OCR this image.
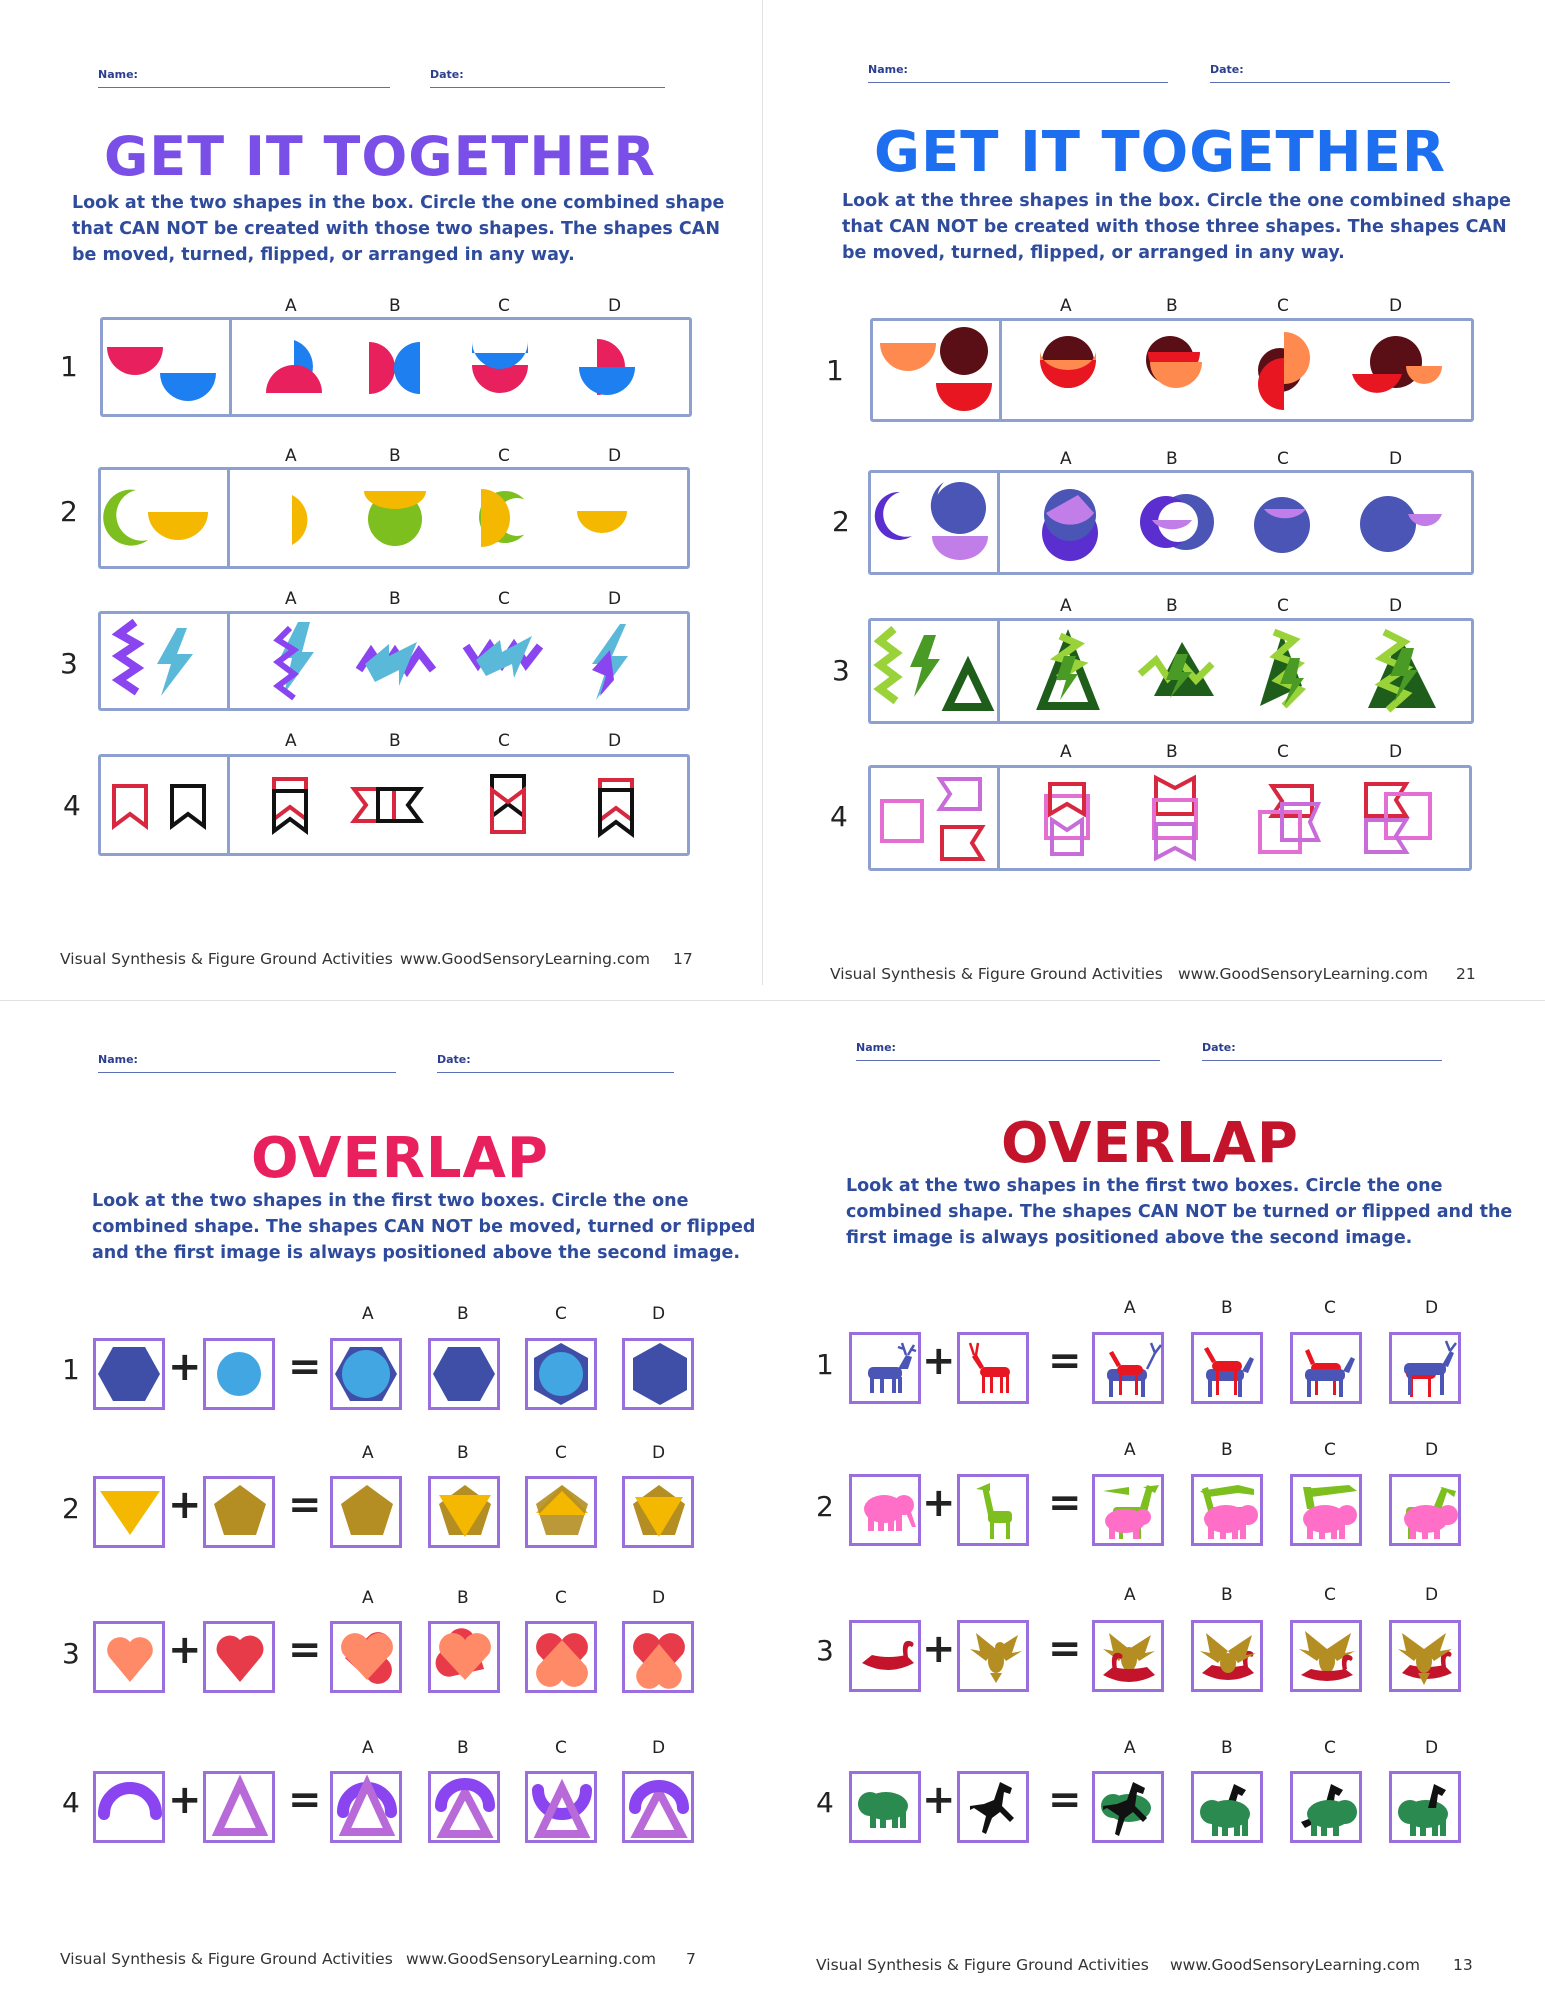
Name:	Date:
GET IT TOGETHER
Look at the two shapes in the box. Circle the one combined shape
that CAN NOT be created with those two shapes. The shapes CAN
be moved, turned, flipped, or arranged in any way.
A	B	C	D
1
A	B	C	D
2
A	B	C	D
3
A	B	C	D
4
Visual Synthesis & Figure Ground Activities www.GoodSensoryLearning.com 17
Name:	Date:
GET IT TOGETHER
Look at the three shapes in the box. Circle the one combined shape
that CAN NOT be created with those three shapes. The shapes CAN
be moved, turned, flipped, or arranged in any way.
A	B	C	D
1
A	B	C	D
2
A	B	C	D
3
A	B	C	D
4
Visual Synthesis & Figure Ground Activities www.GoodSensoryLearning.com 21
Name:	Date:
OVERLAP
Look at the two shapes in the first two boxes. Circle the one
combined shape. The shapes CAN NOT be moved, turned or flipped
and the first image is always positioned above the second image.
A	B	C	D
1 + =
A	B	C	D
2 + =
A	B	C	D
3 + =
A	B	C	D
4 + =
Visual Synthesis & Figure Ground Activities www.GoodSensoryLearning.com 7
Name:	Date:
OVERLAP
Look at the two shapes in the first two boxes. Circle the one
combined shape. The shapes CAN NOT be turned or flipped and the
first image is always positioned above the second image.
A	B	C	D
1 + =
A	B	C	D
2 + =
A	B	C	D
3 + =
A	B	C	D
4 + =
Visual Synthesis & Figure Ground Activities www.GoodSensoryLearning.com 13
